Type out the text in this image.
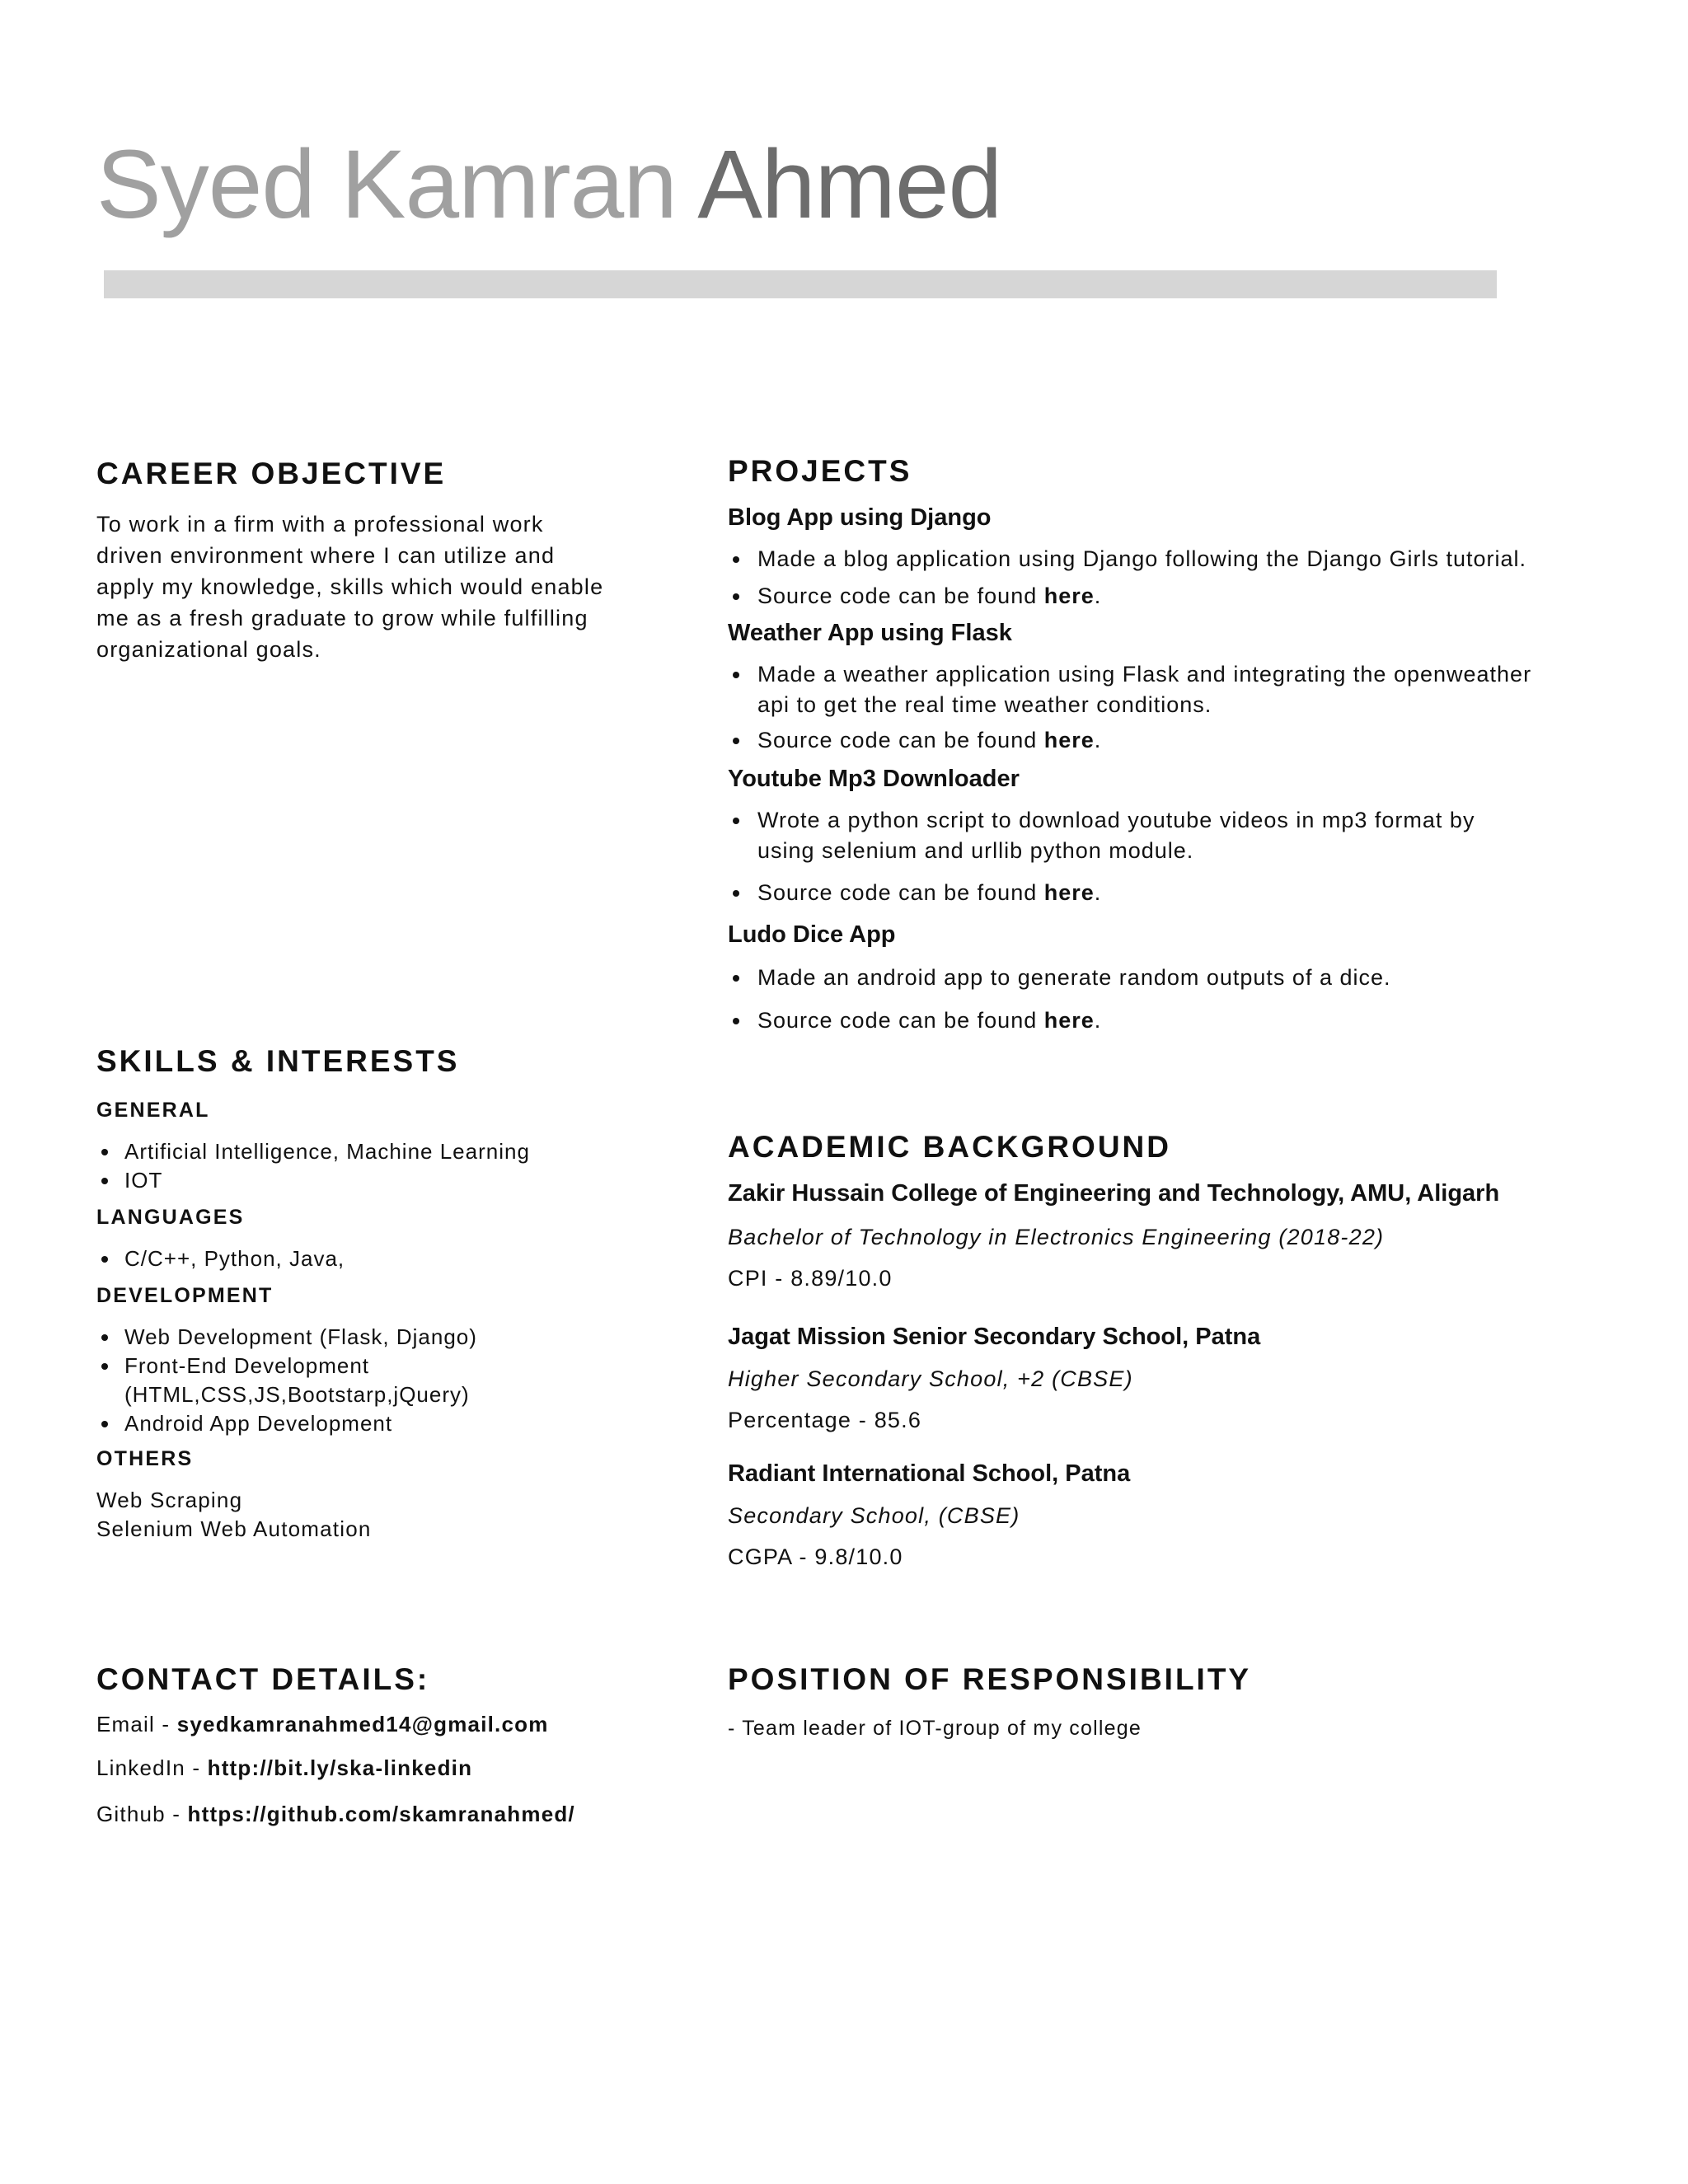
Syed Kamran Ahmed
CAREER OBJECTIVE

To work in a firm with a professional work

driven environment where I can utilize and

apply my knowledge, skills which would enable

me as a fresh graduate to grow while fulfilling

organizational goals.

SKILLS & INTERESTS

GENERAL

Artificial Intelligence, Machine Learning
IOT

LANGUAGES

C/C++, Python, Java,

DEVELOPMENT

Web Development (Flask, Django)
Front-End Development
(HTML,CSS,JS,Bootstarp,jQuery)
Android App Development

OTHERS

Web Scraping

Selenium Web Automation

CONTACT DETAILS:

Email - syedkamranahmed14@gmail.com

LinkedIn - http://bit.ly/ska-linkedin

Github - https://github.com/skamranahmed/

PROJECTS

Blog App using Django

Made a blog application using Django following the Django Girls tutorial.
Source code can be found here.

Weather App using Flask

Made a weather application using Flask and integrating the openweather
api to get the real time weather conditions.
Source code can be found here.

Youtube Mp3 Downloader

Wrote a python script to download youtube videos in mp3 format by
using selenium and urllib python module.
Source code can be found here.

Ludo Dice App

Made an android app to generate random outputs of a dice.
Source code can be found here.
ACADEMIC BACKGROUND

Zakir Hussain College of Engineering and Technology, AMU, Aligarh

Bachelor of Technology in Electronics Engineering (2018-22)

CPI - 8.89/10.0

Jagat Mission Senior Secondary School, Patna

Higher Secondary School, +2 (CBSE)

Percentage - 85.6

Radiant International School, Patna

Secondary School, (CBSE)

CGPA - 9.8/10.0

POSITION OF RESPONSIBILITY

- Team leader of IOT-group of my college
